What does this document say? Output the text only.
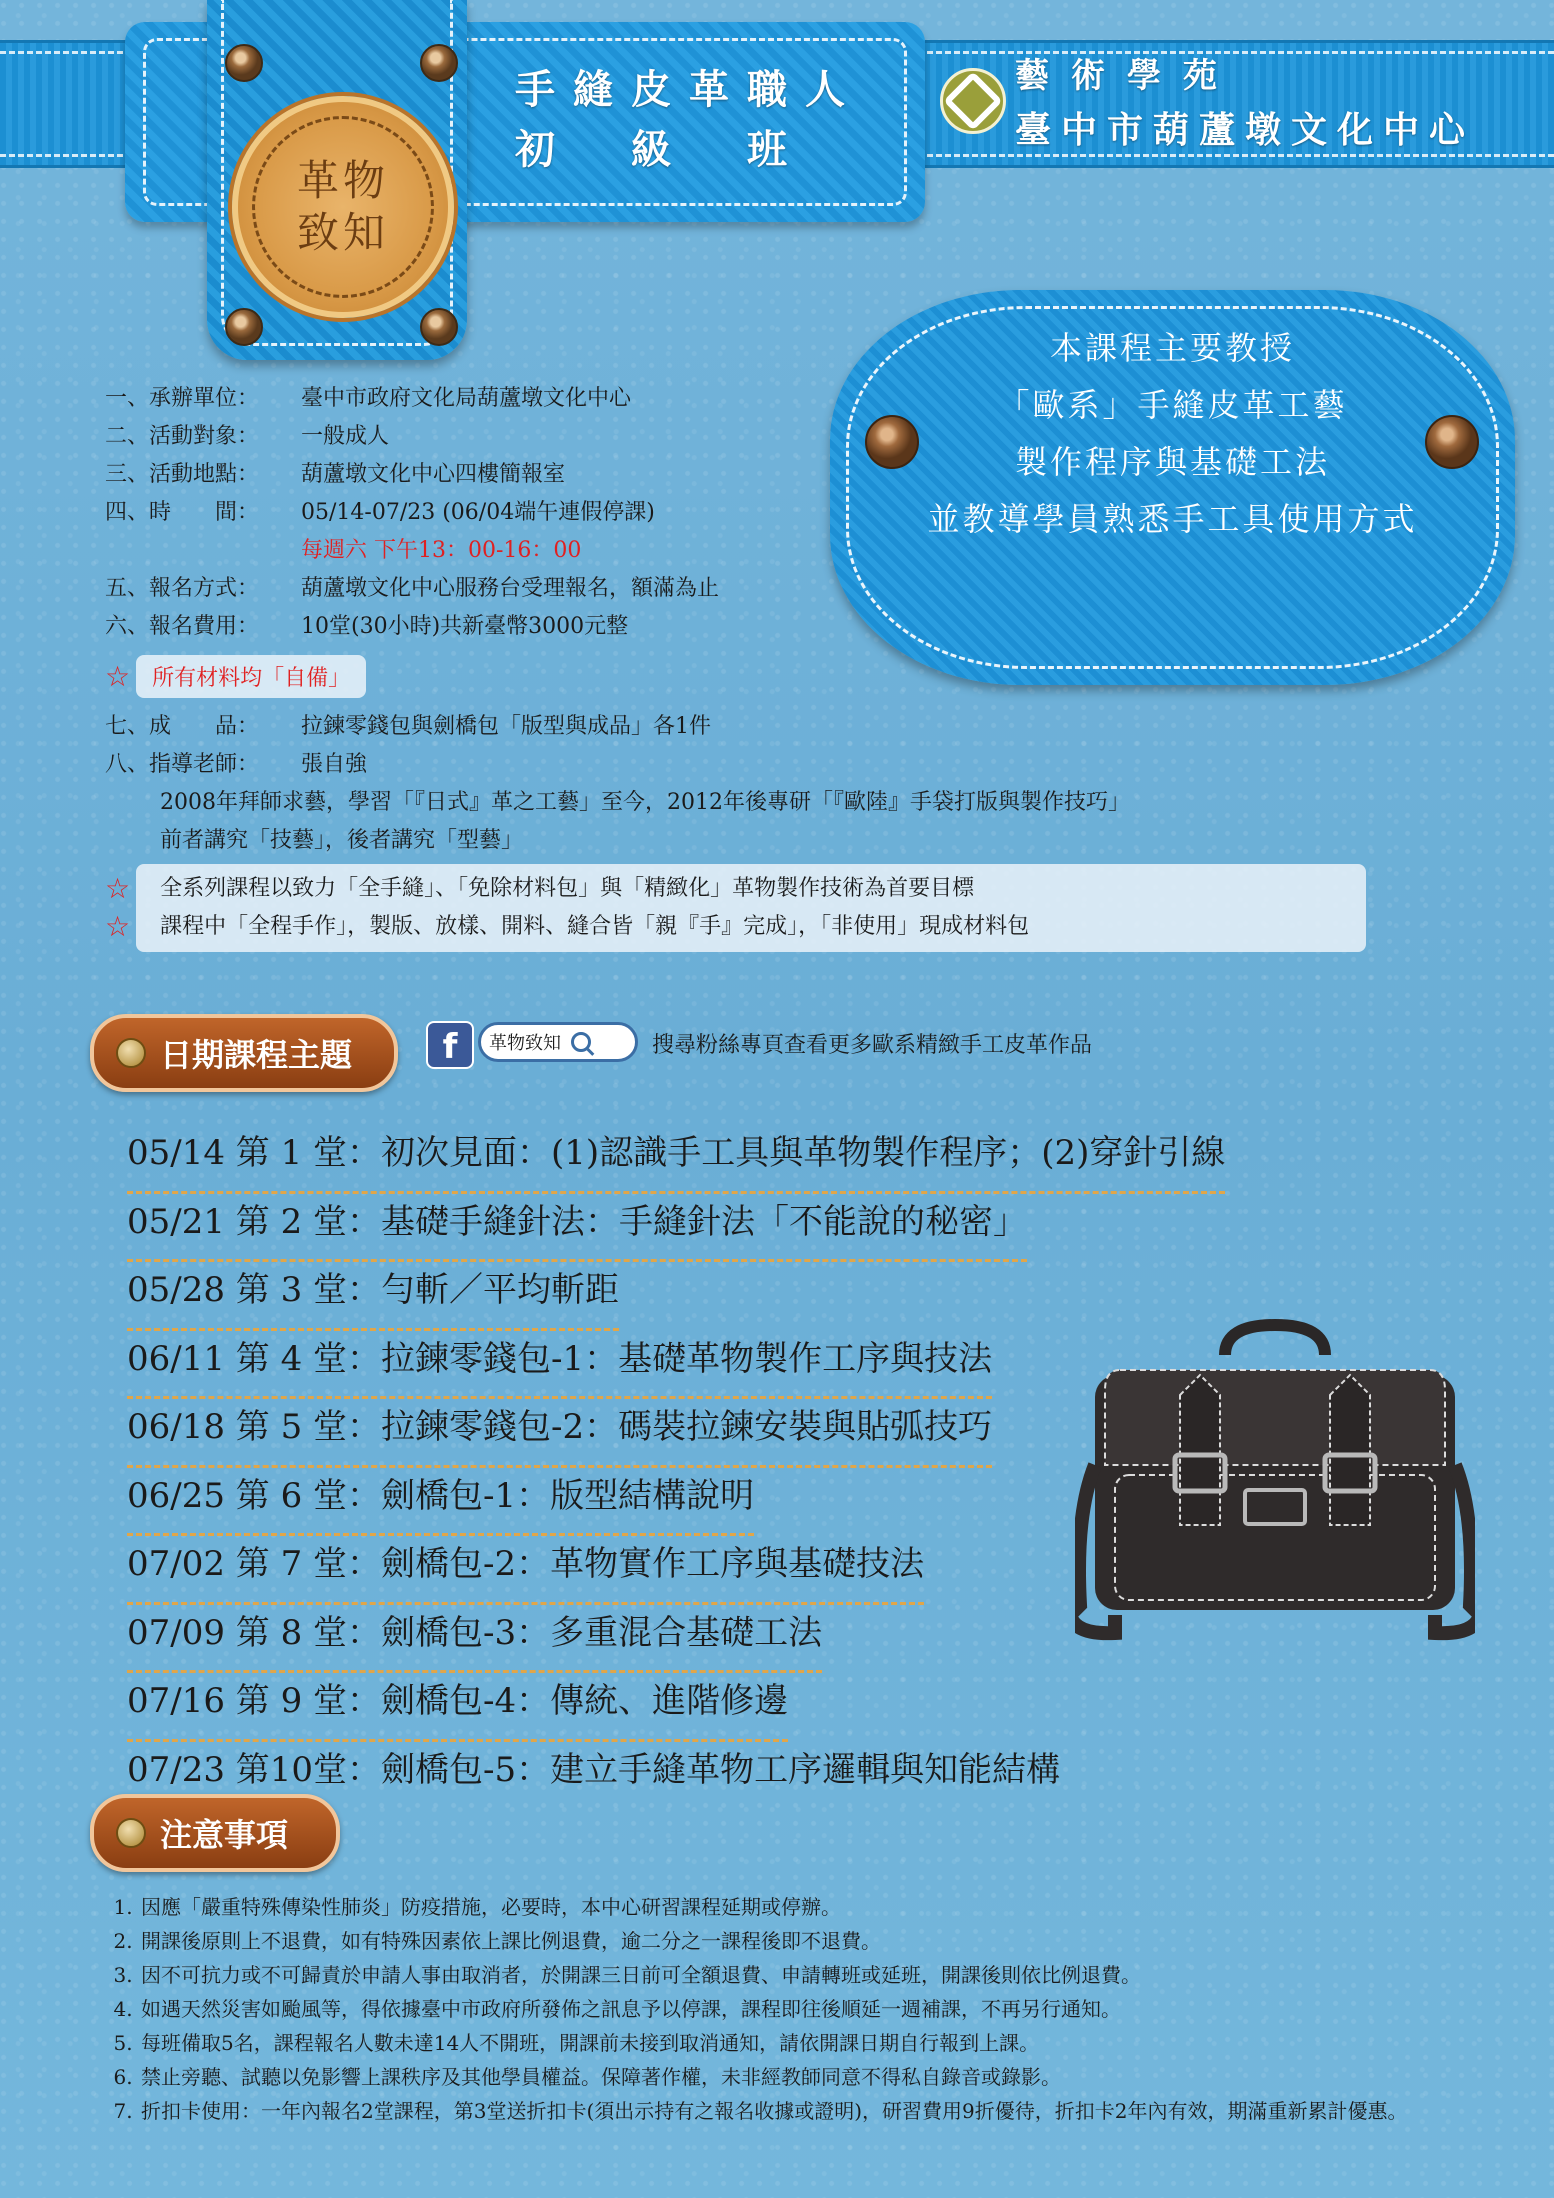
革物致知
手縫皮革職人
初　級　班
藝術學苑
臺中市葫蘆墩文化中心
本課程主要教授
「歐系」手縫皮革工藝
製作程序與基礎工法
並教導學員熟悉手工具使用方式
一、承辦單位：	臺中市政府文化局葫蘆墩文化中心
二、活動對象：	一般成人
三、活動地點：	葫蘆墩文化中心四樓簡報室
四、時　　間：	05/14-07/23 (06/04端午連假停課)
每週六 下午13：00-16：00
五、報名方式：	葫蘆墩文化中心服務台受理報名，額滿為止
六、報名費用：	10堂(30小時)共新臺幣3000元整
☆	所有材料均「自備」
七、成　　品：	拉鍊零錢包與劍橋包「版型與成品」各1件
八、指導老師：	張自強
2008年拜師求藝，學習「『日式』革之工藝」至今，2012年後專研「『歐陸』手袋打版與製作技巧」
前者講究「技藝」，後者講究「型藝」
☆
☆
全系列課程以致力「全手縫」、「免除材料包」與「精緻化」革物製作技術為首要目標
課程中「全程手作」，製版、放樣、開料、縫合皆「親『手』完成」，「非使用」現成材料包
日期課程主題	f	革物致知	搜尋粉絲專頁查看更多歐系精緻手工皮革作品
05/14 第 1 堂：初次見面：(1)認識手工具與革物製作程序；(2)穿針引線
05/21 第 2 堂：基礎手縫針法：手縫針法「不能說的秘密」
05/28 第 3 堂：勻斬／平均斬距
06/11 第 4 堂：拉鍊零錢包-1：基礎革物製作工序與技法
06/18 第 5 堂：拉鍊零錢包-2：碼裝拉鍊安裝與貼弧技巧
06/25 第 6 堂：劍橋包-1：版型結構說明
07/02 第 7 堂：劍橋包-2：革物實作工序與基礎技法
07/09 第 8 堂：劍橋包-3：多重混合基礎工法
07/16 第 9 堂：劍橋包-4：傳統、進階修邊
07/23 第10堂：劍橋包-5：建立手縫革物工序邏輯與知能結構
注意事項
1. 因應「嚴重特殊傳染性肺炎」防疫措施，必要時，本中心研習課程延期或停辦。
2. 開課後原則上不退費，如有特殊因素依上課比例退費，逾二分之一課程後即不退費。
3. 因不可抗力或不可歸責於申請人事由取消者，於開課三日前可全額退費、申請轉班或延班，開課後則依比例退費。
4. 如遇天然災害如颱風等，得依據臺中市政府所發佈之訊息予以停課，課程即往後順延一週補課，不再另行通知。
5. 每班備取5名，課程報名人數未達14人不開班，開課前未接到取消通知，請依開課日期自行報到上課。
6. 禁止旁聽、試聽以免影響上課秩序及其他學員權益。保障著作權，未非經教師同意不得私自錄音或錄影。
7. 折扣卡使用：一年內報名2堂課程，第3堂送折扣卡(須出示持有之報名收據或證明)，研習費用9折優待，折扣卡2年內有效，期滿重新累計優惠。
